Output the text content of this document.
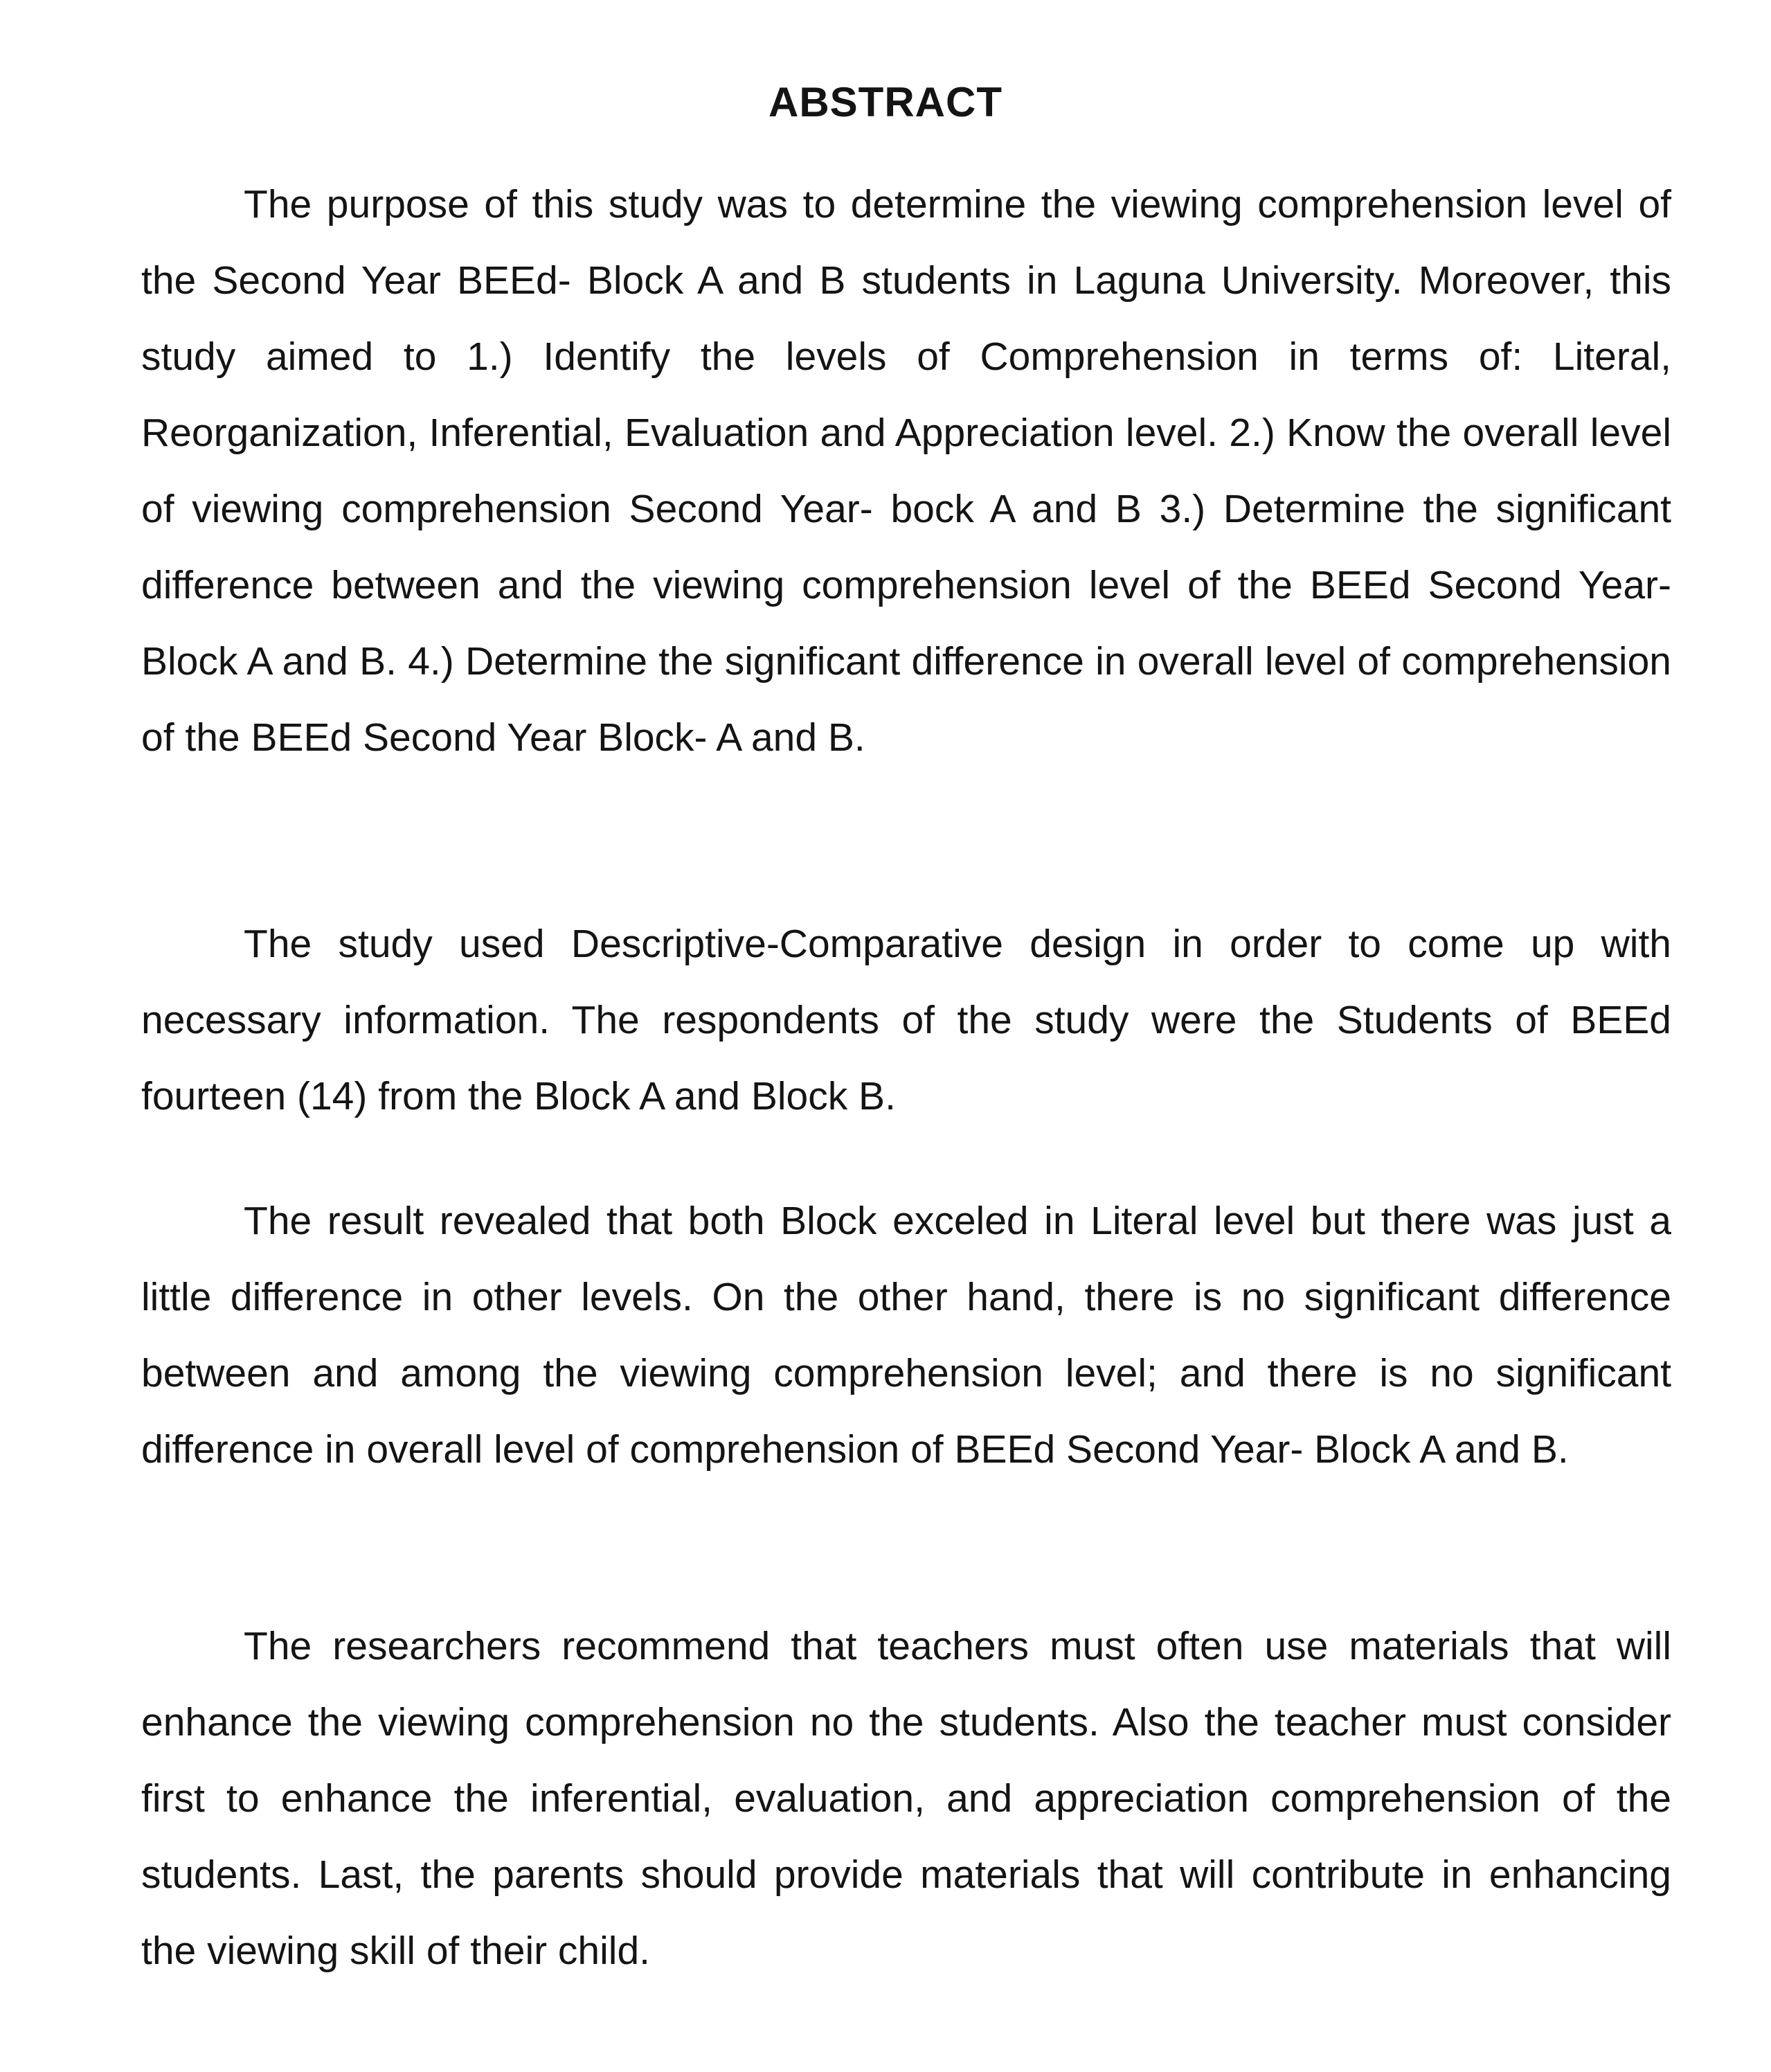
ABSTRACT

The purpose of this study was to determine the viewing comprehension level of the Second Year BEEd- Block A and B students in Laguna University. Moreover, this study aimed to 1.) Identify the levels of Comprehension in terms of: Literal, Reorganization, Inferential, Evaluation and Appreciation level. 2.) Know the overall level of viewing comprehension Second Year- bock A and B 3.) Determine the significant difference between and the viewing comprehension level of the BEEd Second Year- Block A and B. 4.) Determine the significant difference in overall level of comprehension of the BEEd Second Year Block- A and B.

The study used Descriptive-Comparative design in order to come up with necessary information. The respondents of the study were the Students of BEEd fourteen (14) from the Block A and Block B.

The result revealed that both Block exceled in Literal level but there was just a little difference in other levels. On the other hand, there is no significant difference between and among the viewing comprehension level; and there is no significant difference in overall level of comprehension of BEEd Second Year- Block A and B.

The researchers recommend that teachers must often use materials that will enhance the viewing comprehension no the students. Also the teacher must consider first to enhance the inferential, evaluation, and appreciation comprehension of the students. Last, the parents should provide materials that will contribute in enhancing the viewing skill of their child.
